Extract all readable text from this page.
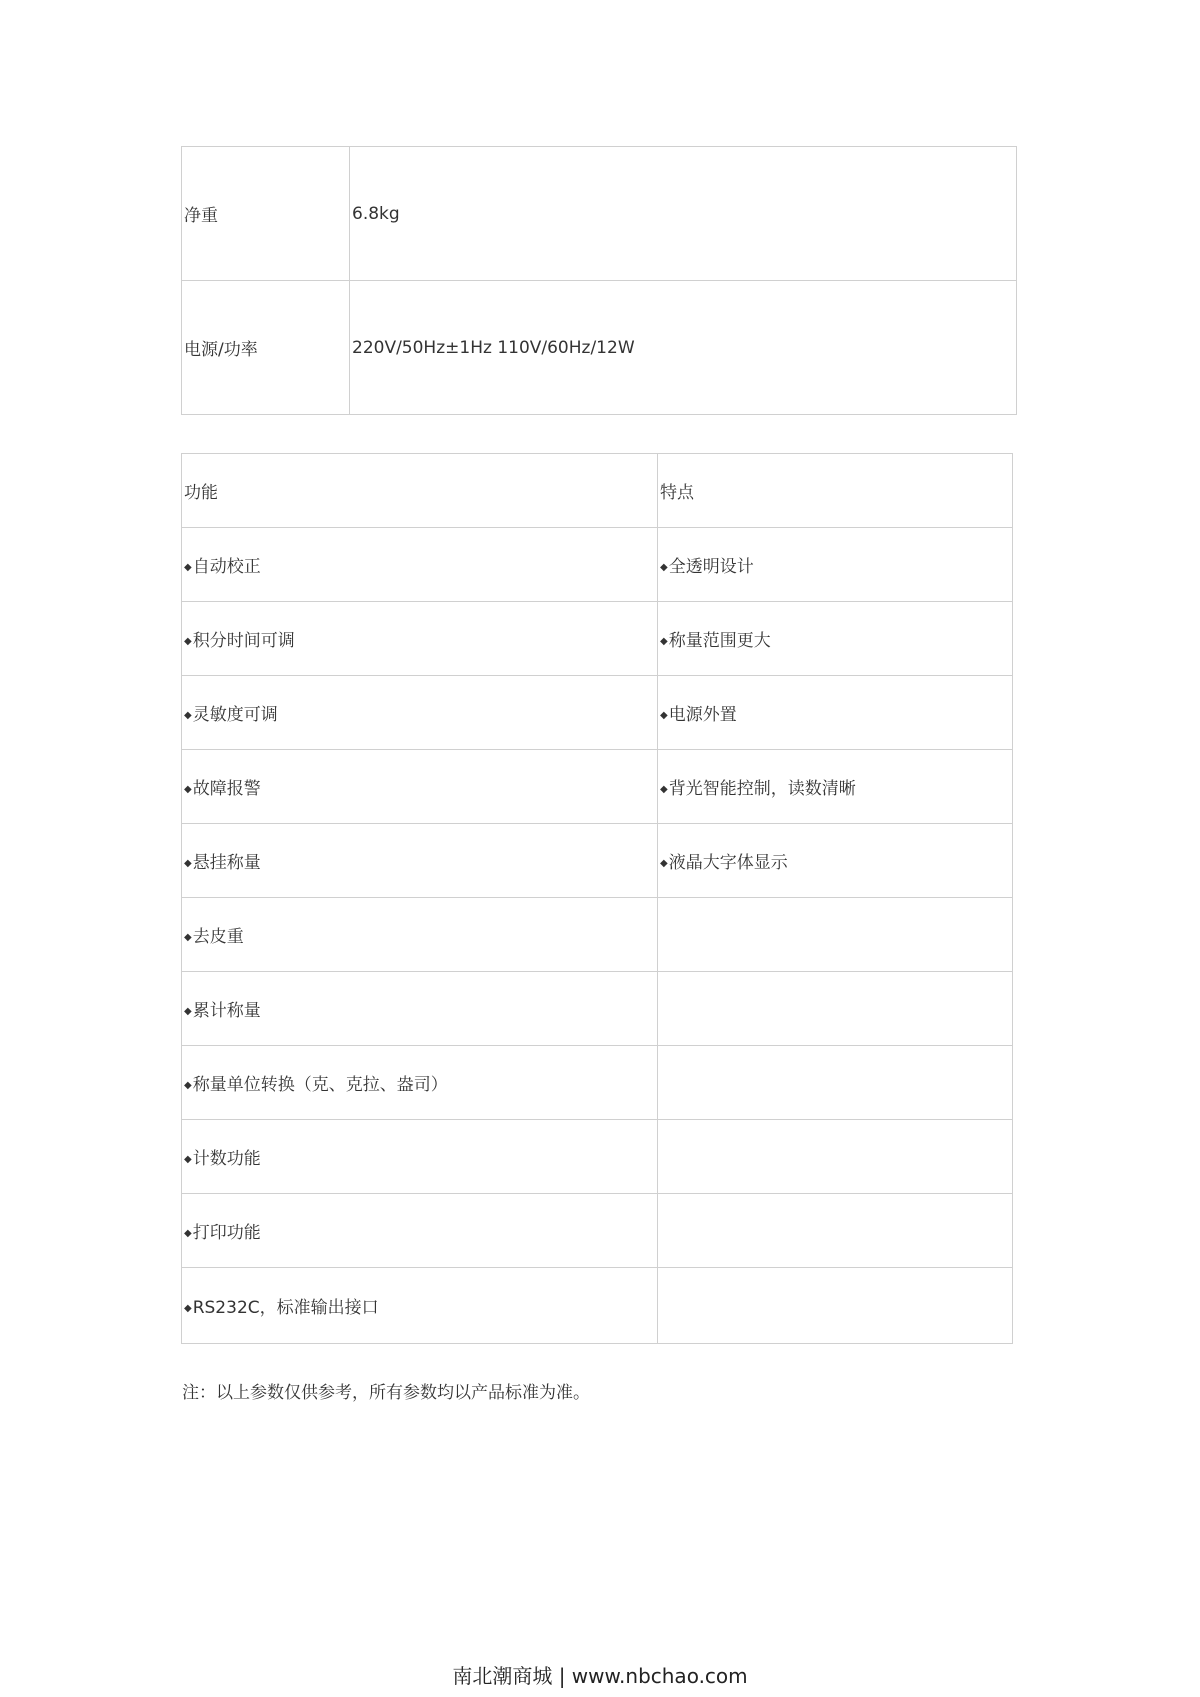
净重	6.8kg
电源/功率	220V/50Hz±1Hz 110V/60Hz/12W
功能	特点
◆自动校正	◆全透明设计
◆积分时间可调	◆称量范围更大
◆灵敏度可调	◆电源外置
◆故障报警	◆背光智能控制，读数清晰
◆悬挂称量	◆液晶大字体显示
◆去皮重	
◆累计称量	
◆称量单位转换（克、克拉、盎司）	
◆计数功能	
◆打印功能	
◆RS232C，标准输出接口	
注：以上参数仅供参考，所有参数均以产品标准为准。
南北潮商城 | www.nbchao.com
